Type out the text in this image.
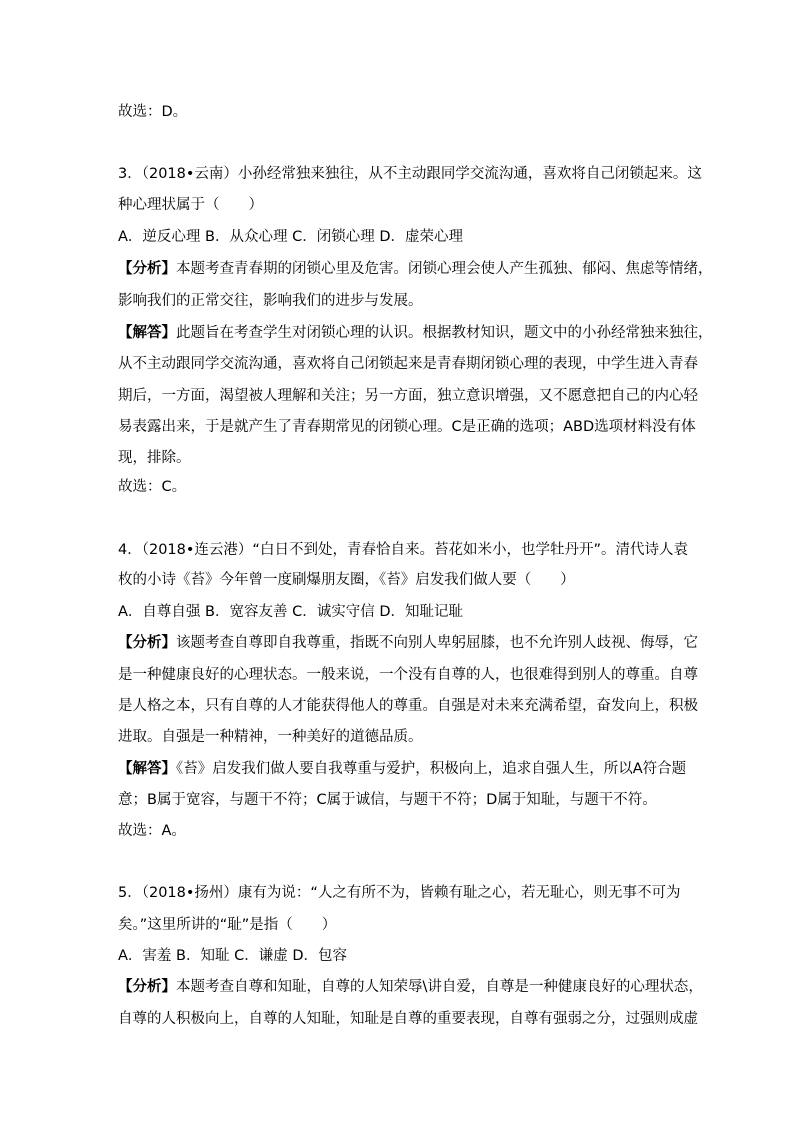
故选：D。
3．（2018•云南）小孙经常独来独往，从不主动跟同学交流沟通，喜欢将自己闭锁起来。这
种心理状属于（　　）
A．逆反心理 B．从众心理 C．闭锁心理 D．虚荣心理
【分析】本题考查青春期的闭锁心里及危害。闭锁心理会使人产生孤独、郁闷、焦虑等情绪，
影响我们的正常交往，影响我们的进步与发展。
【解答】此题旨在考查学生对闭锁心理的认识。根据教材知识，题文中的小孙经常独来独往，
从不主动跟同学交流沟通，喜欢将自己闭锁起来是青春期闭锁心理的表现，中学生进入青春
期后，一方面，渴望被人理解和关注；另一方面，独立意识增强，又不愿意把自己的内心轻
易表露出来，于是就产生了青春期常见的闭锁心理。C是正确的选项；ABD选项材料没有体
现，排除。
故选：C。
4．（2018•连云港）“白日不到处，青春恰自来。苔花如米小，也学牡丹开”。清代诗人袁
枚的小诗《苔》今年曾一度刷爆朋友圈，《苔》启发我们做人要（　　）
A．自尊自强 B．宽容友善 C．诚实守信 D．知耻记耻
【分析】该题考查自尊即自我尊重，指既不向别人卑躬屈膝，也不允许别人歧视、侮辱，它
是一种健康良好的心理状态。一般来说，一个没有自尊的人，也很难得到别人的尊重。自尊
是人格之本，只有自尊的人才能获得他人的尊重。自强是对未来充满希望，奋发向上，积极
进取。自强是一种精神，一种美好的道德品质。
【解答】《苔》启发我们做人要自我尊重与爱护，积极向上，追求自强人生，所以A符合题
意；B属于宽容，与题干不符；C属于诚信，与题干不符；D属于知耻，与题干不符。
故选：A。
5．（2018•扬州）康有为说：“人之有所不为，皆赖有耻之心，若无耻心，则无事不可为
矣。”这里所讲的“耻”是指（　　）
A．害羞 B．知耻 C．谦虚 D．包容
【分析】本题考查自尊和知耻，自尊的人知荣辱\讲自爱，自尊是一种健康良好的心理状态，
自尊的人积极向上，自尊的人知耻，知耻是自尊的重要表现，自尊有强弱之分，过强则成虚
